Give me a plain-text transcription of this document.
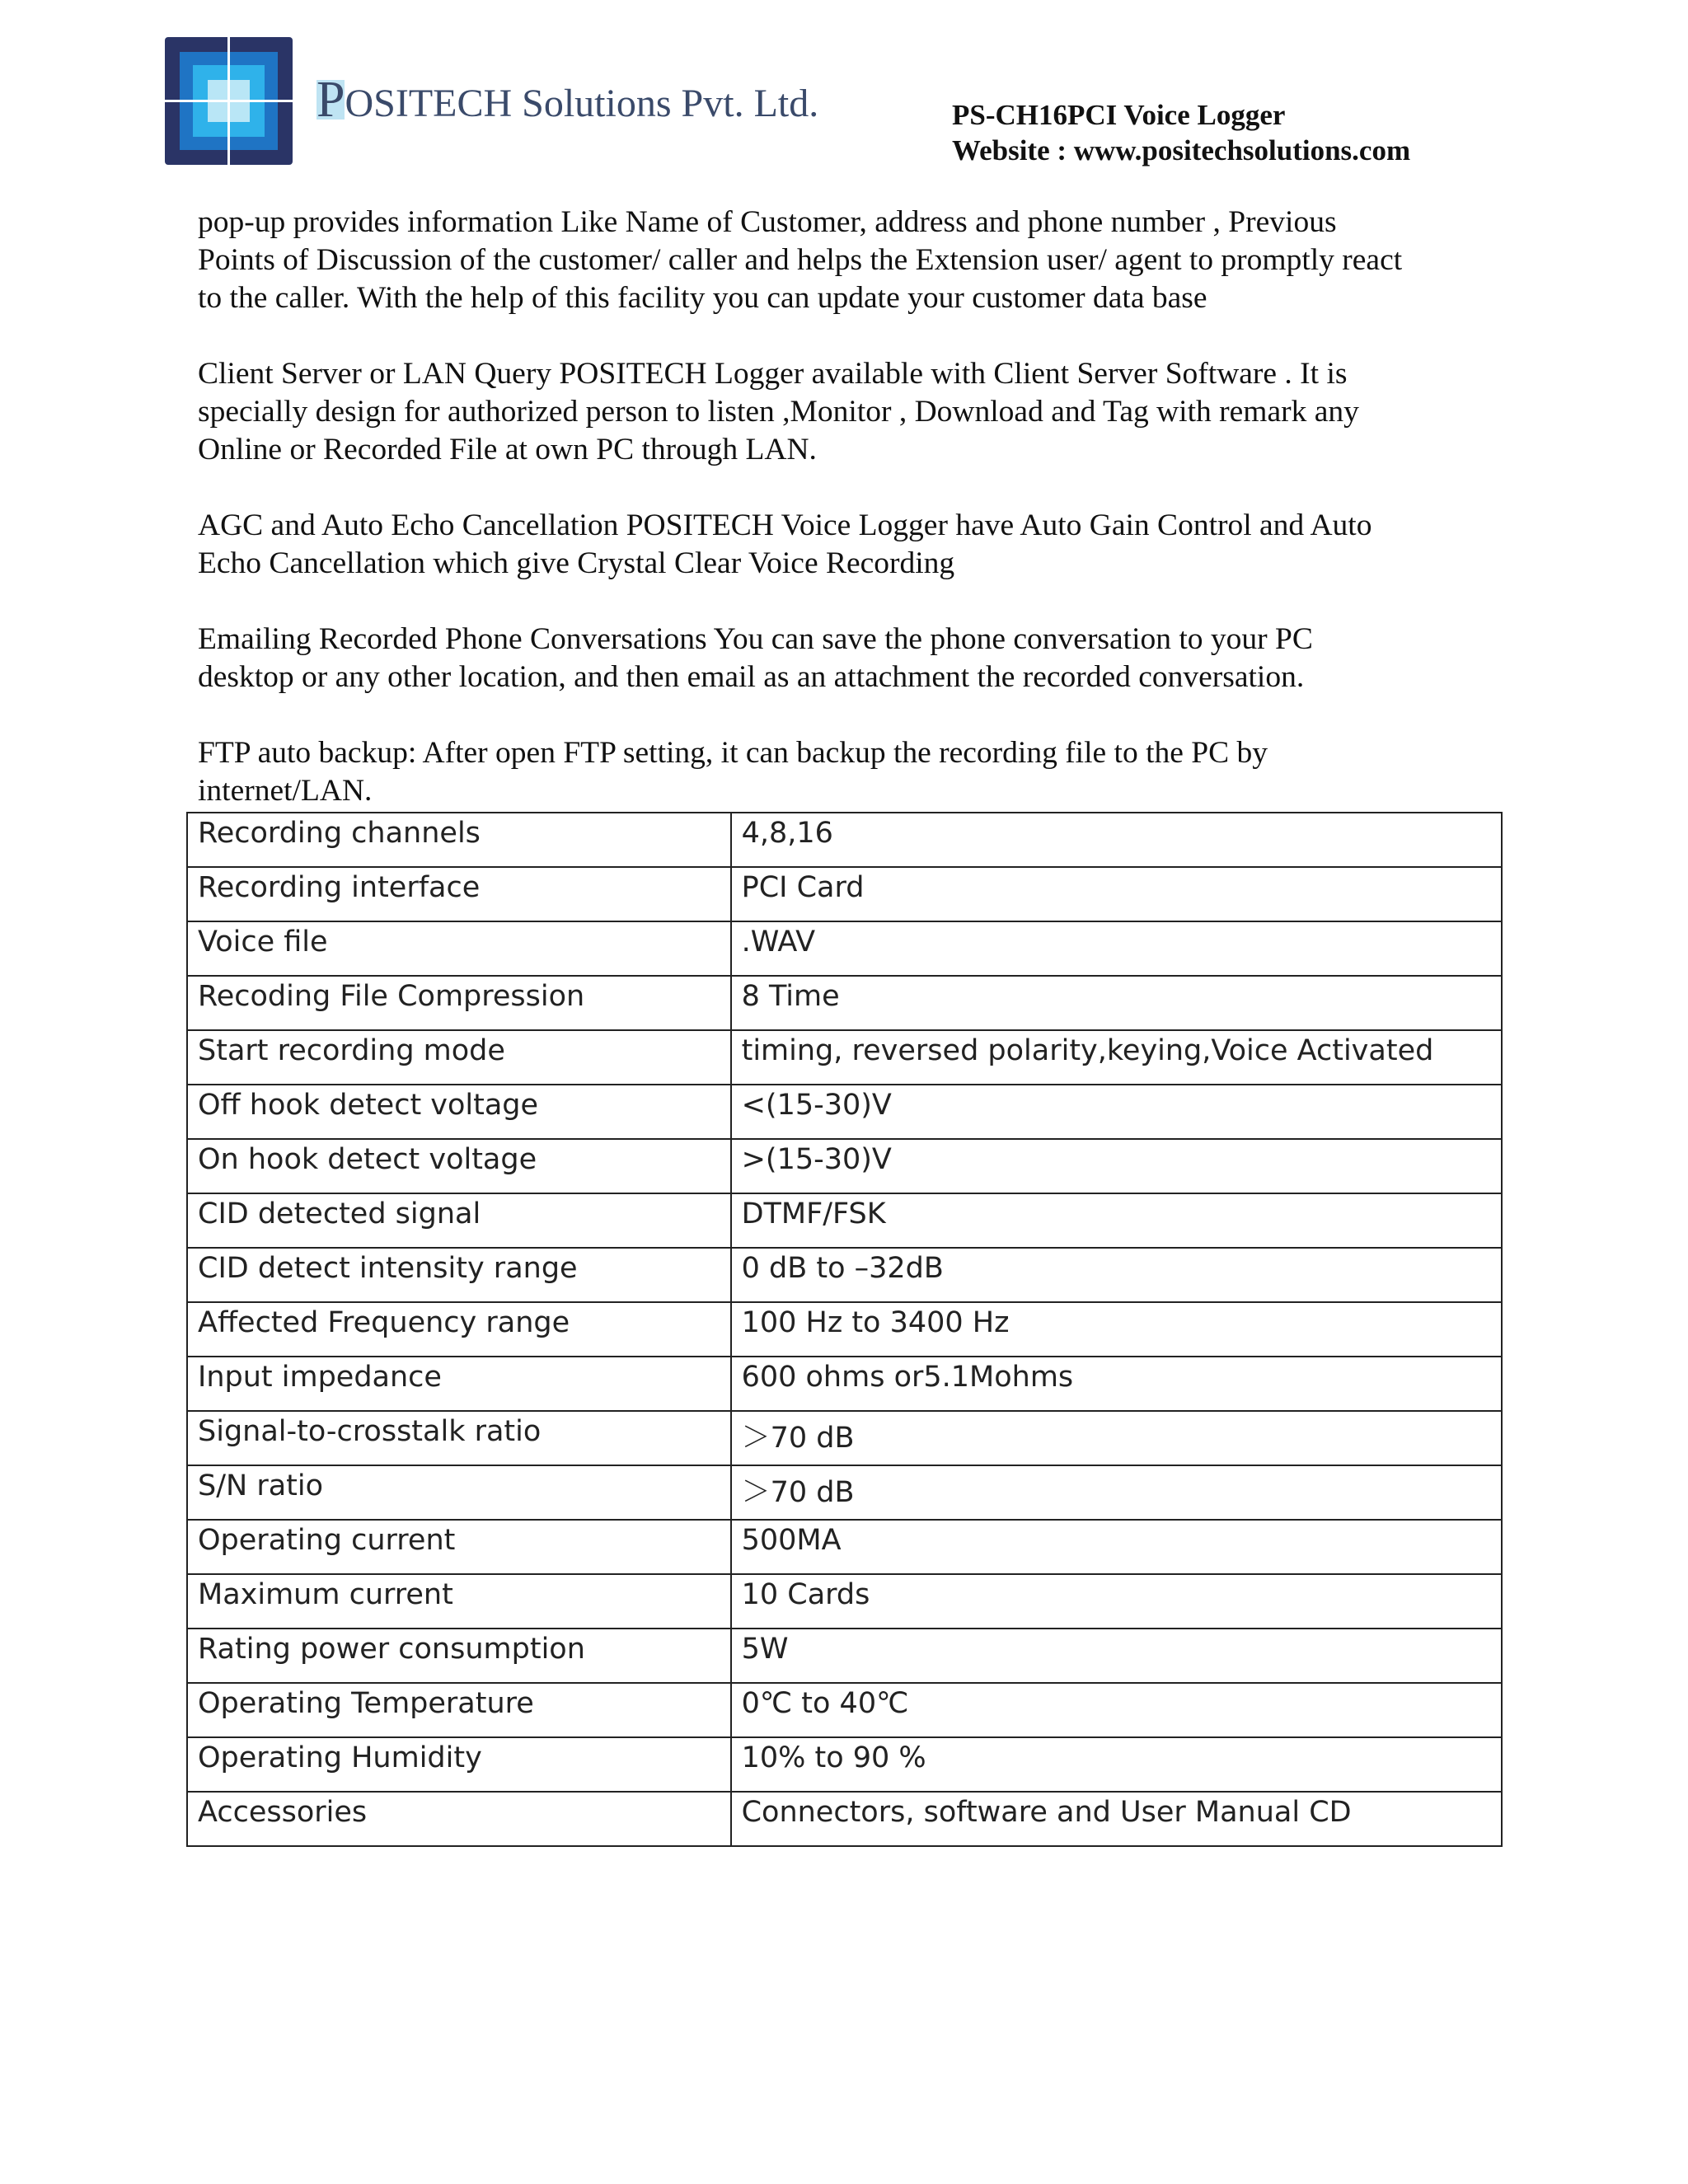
POSITECH Solutions Pvt. Ltd.	PS-CH16PCI Voice Logger
Website : www.positechsolutions.com

pop-up provides information Like Name of Customer, address and phone number , Previous
Points of Discussion of the customer/ caller and helps the Extension user/ agent to promptly react
to the caller. With the help of this facility you can update your customer data base

Client Server or LAN Query POSITECH Logger available with Client Server Software . It is
specially design for authorized person to listen ,Monitor , Download and Tag with remark any
Online or Recorded File at own PC through LAN.

AGC and Auto Echo Cancellation POSITECH Voice Logger have Auto Gain Control and Auto
Echo Cancellation which give Crystal Clear Voice Recording

Emailing Recorded Phone Conversations You can save the phone conversation to your PC
desktop or any other location, and then email as an attachment the recorded conversation.

FTP auto backup: After open FTP setting, it can backup the recording file to the PC by
internet/LAN.

Recording channels	4,8,16
Recording interface	PCI Card
Voice file	.WAV
Recoding File Compression	8 Time
Start recording mode	timing, reversed polarity,keying,Voice Activated
Off hook detect voltage	<(15-30)V
On hook detect voltage	>(15-30)V
CID detected signal	DTMF/FSK
CID detect intensity range	0 dB to –32dB
Affected Frequency range	100 Hz to 3400 Hz
Input impedance	600 ohms or5.1Mohms
Signal-to-crosstalk ratio	＞70 dB
S/N ratio	＞70 dB
Operating current	500MA
Maximum current	10 Cards
Rating power consumption	5W
Operating Temperature	0℃ to 40℃
Operating Humidity	10% to 90 %
Accessories	Connectors, software and User Manual CD
